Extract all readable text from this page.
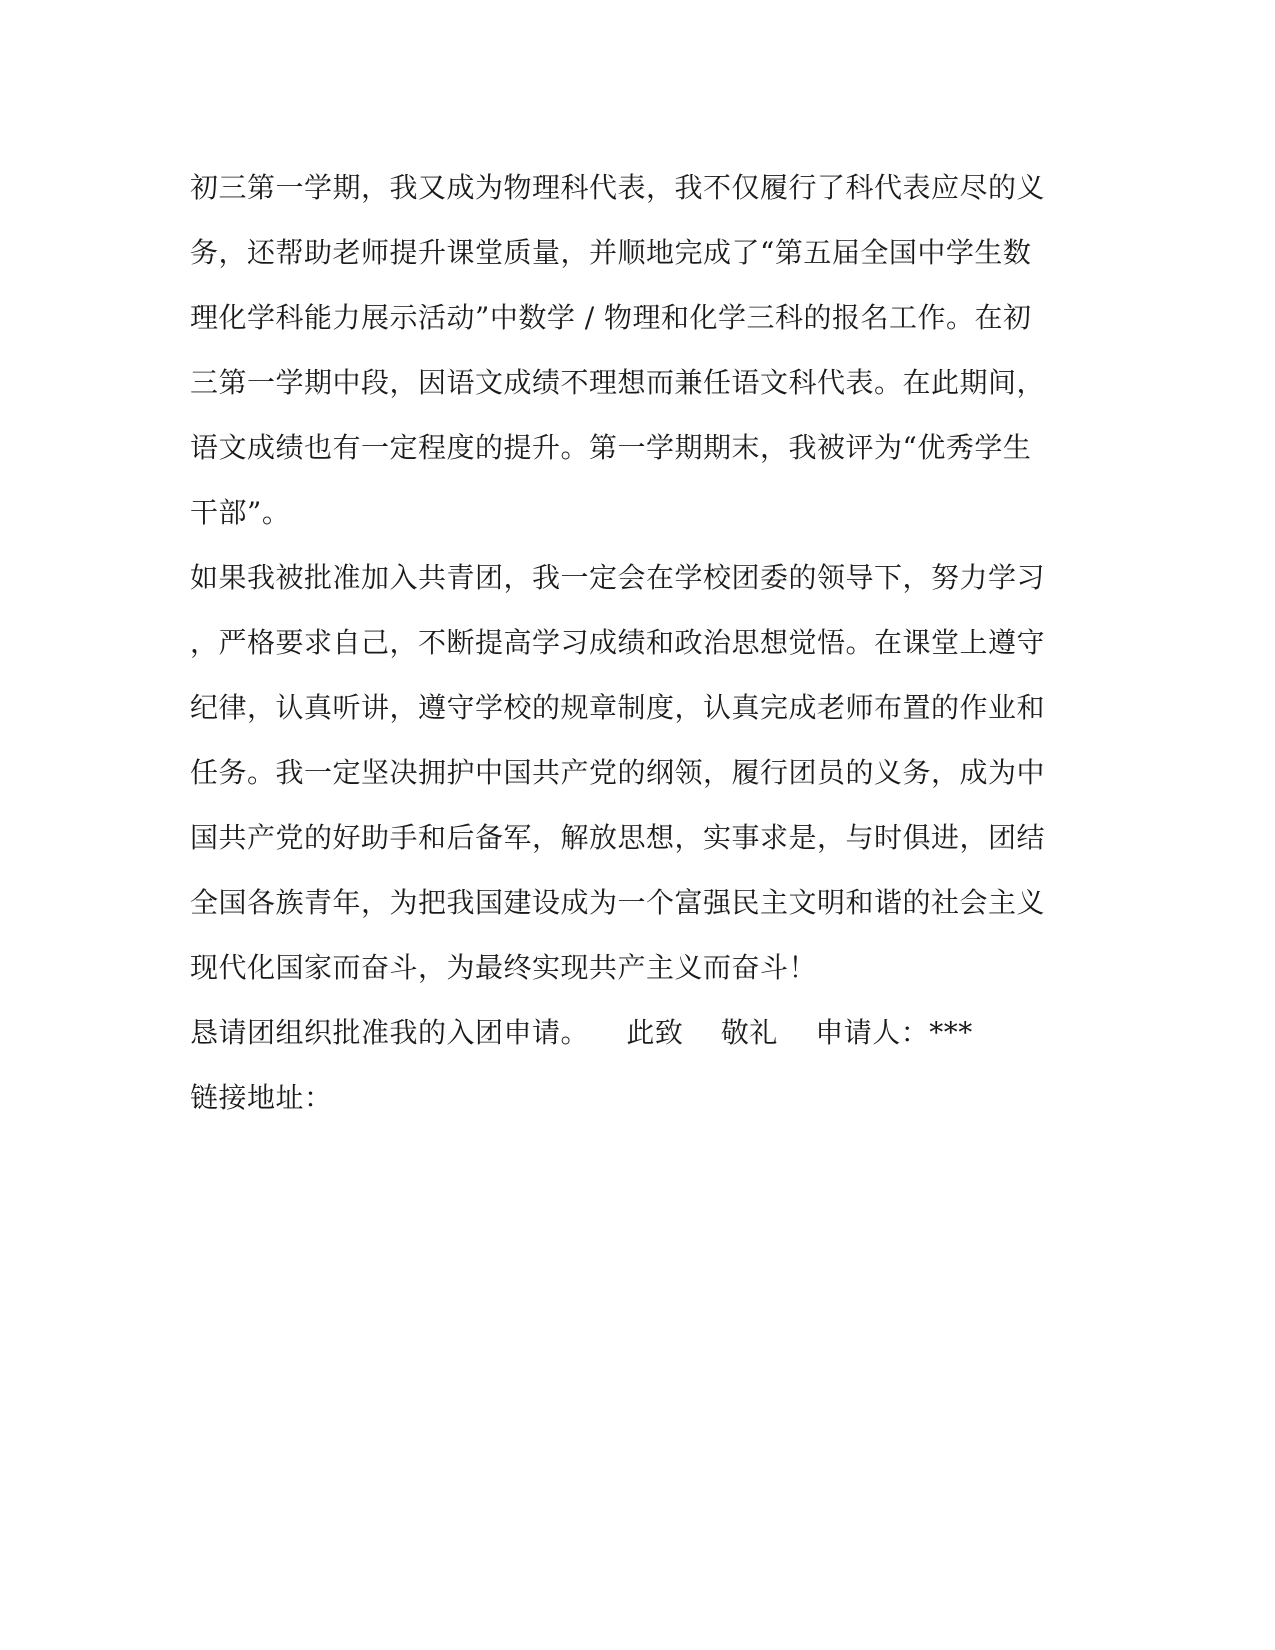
初三第一学期，我又成为物理科代表，我不仅履行了科代表应尽的义
务，还帮助老师提升课堂质量，并顺地完成了“第五届全国中学生数
理化学科能力展示活动”中数学 / 物理和化学三科的报名工作。在初
三第一学期中段，因语文成绩不理想而兼任语文科代表。在此期间，
语文成绩也有一定程度的提升。第一学期期末，我被评为“优秀学生
干部”。
如果我被批准加入共青团，我一定会在学校团委的领导下，努力学习
，严格要求自己，不断提高学习成绩和政治思想觉悟。在课堂上遵守
纪律，认真听讲，遵守学校的规章制度，认真完成老师布置的作业和
任务。我一定坚决拥护中国共产党的纲领，履行团员的义务，成为中
国共产党的好助手和后备军，解放思想，实事求是，与时俱进，团结
全国各族青年，为把我国建设成为一个富强民主文明和谐的社会主义
现代化国家而奋斗，为最终实现共产主义而奋斗！
恳请团组织批准我的入团申请。 此致 敬礼 申请人：***
链接地址：
